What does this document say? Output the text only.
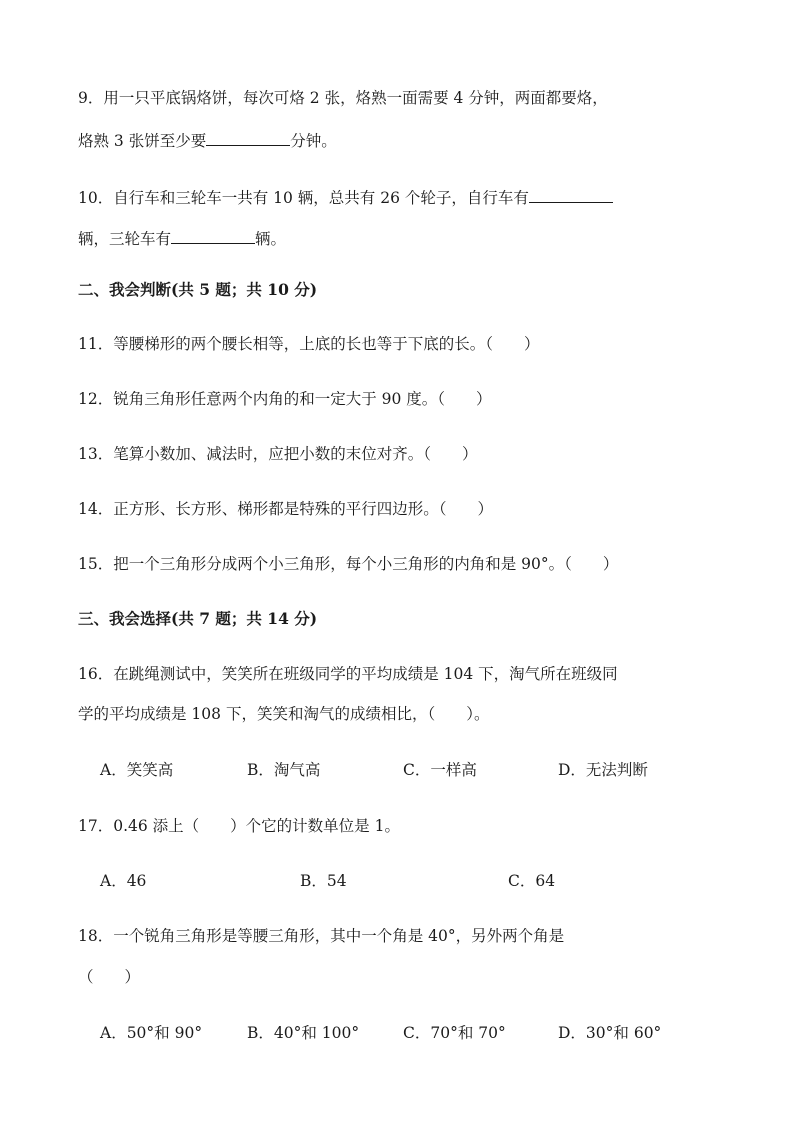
9．用一只平底锅烙饼，每次可烙 2 张，烙熟一面需要 4 分钟，两面都要烙，
烙熟 3 张饼至少要	分钟。
10．自行车和三轮车一共有 10 辆，总共有 26 个轮子，自行车有
辆，三轮车有	辆。
二、我会判断(共 5 题；共 10 分)
11．等腰梯形的两个腰长相等，上底的长也等于下底的长。（　　）
12．锐角三角形任意两个内角的和一定大于 90 度。（　　）
13．笔算小数加、减法时，应把小数的末位对齐。（　　）
14．正方形、长方形、梯形都是特殊的平行四边形。（　　）
15．把一个三角形分成两个小三角形，每个小三角形的内角和是 90°。（　　）
三、我会选择(共 7 题；共 14 分)
16．在跳绳测试中，笑笑所在班级同学的平均成绩是 104 下，淘气所在班级同
学的平均成绩是 108 下，笑笑和淘气的成绩相比，（　　）。
A．笑笑高	B．淘气高	C．一样高	D．无法判断
17．0.46 添上（　　）个它的计数单位是 1。
A．46	B．54	C．64
18．一个锐角三角形是等腰三角形，其中一个角是 40°，另外两个角是
（　　）
A．50°和 90°	B．40°和 100°	C．70°和 70°	D．30°和 60°
